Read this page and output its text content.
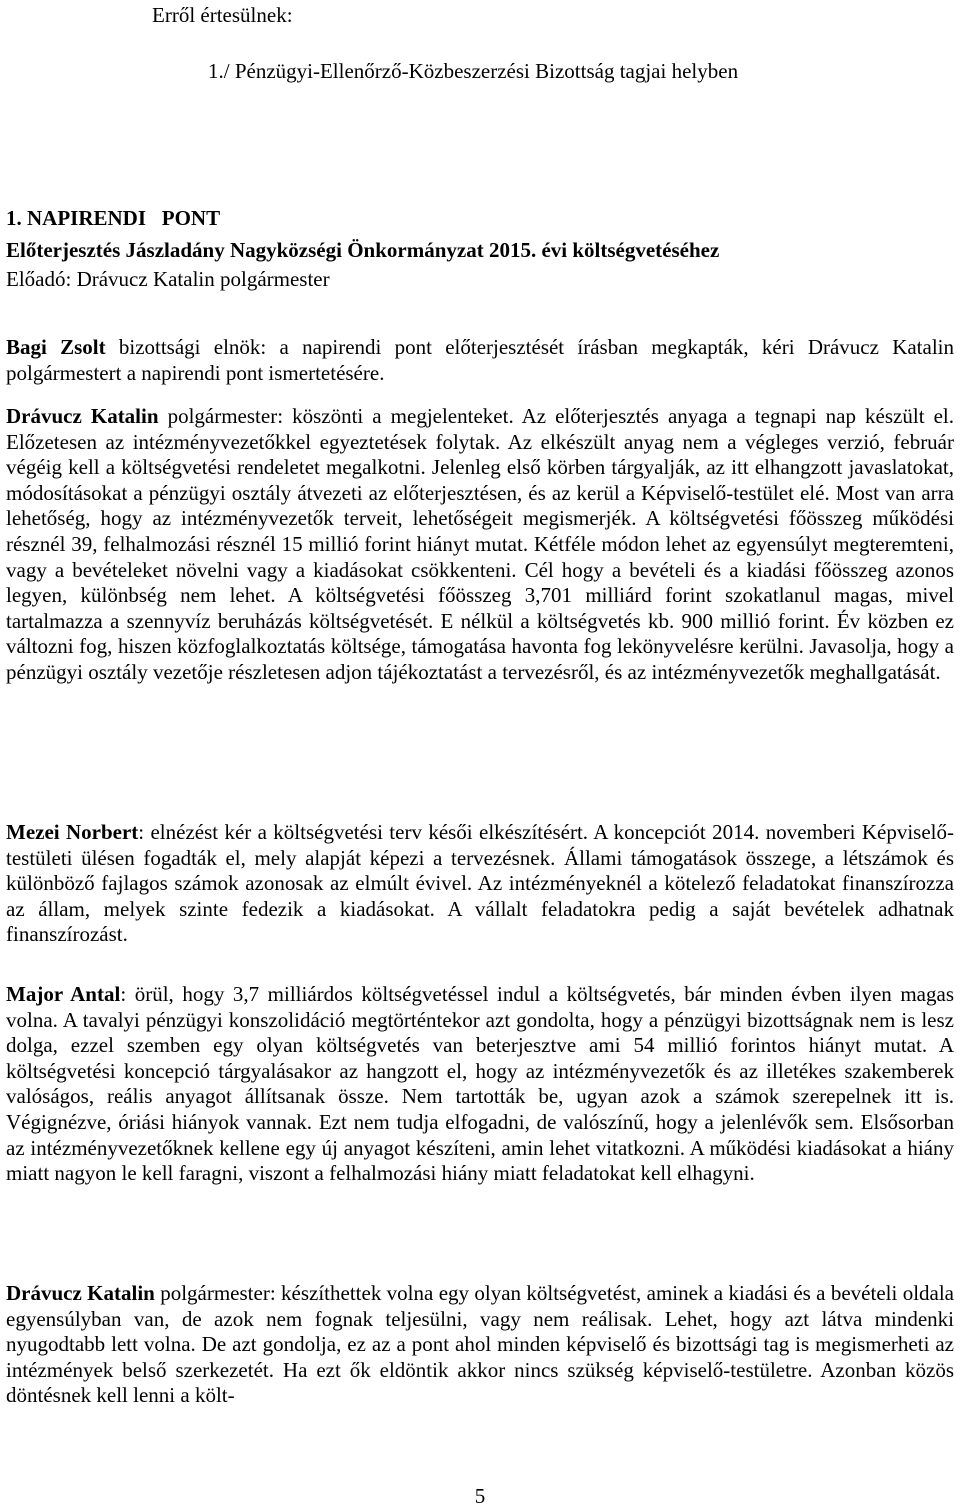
Erről értesülnek:
1./ Pénzügyi-Ellenőrző-Közbeszerzési Bizottság tagjai helyben
1. NAPIRENDI   PONT
Előterjesztés Jászladány Nagyközségi Önkormányzat 2015. évi költségvetéséhez
Előadó: Drávucz Katalin polgármester
Bagi Zsolt bizottsági elnök: a napirendi pont előterjesztését írásban megkapták, kéri Drávucz Katalin polgármestert a napirendi pont ismertetésére.
Drávucz Katalin polgármester: köszönti a megjelenteket. Az előterjesztés anyaga a tegnapi nap készült el. Előzetesen az intézményvezetőkkel egyeztetések folytak. Az elkészült anyag nem a végleges verzió, február végéig kell a költségvetési rendeletet megalkotni. Jelenleg első körben tárgyalják, az itt elhangzott javaslatokat, módosításokat a pénzügyi osztály átvezeti az előterjesztésen, és az kerül a Képviselő-testület elé. Most van arra lehetőség, hogy az intézményvezetők terveit, lehetőségeit megismerjék. A költségvetési főösszeg működési résznél 39, felhalmozási résznél 15 millió forint hiányt mutat. Kétféle módon lehet az egyensúlyt megteremteni, vagy a bevételeket növelni vagy a kiadásokat csökkenteni. Cél hogy a bevételi és a kiadási főösszeg azonos legyen, különbség nem lehet. A költségvetési főösszeg 3,701 milliárd forint szokatlanul magas, mivel tartalmazza a szennyvíz beruházás költségvetését. E nélkül a költségvetés kb. 900 millió forint. Év közben ez változni fog, hiszen közfoglalkoztatás költsége, támogatása havonta fog lekönyvelésre kerülni. Javasolja, hogy a pénzügyi osztály vezetője részletesen adjon tájékoztatást a tervezésről, és az intézményvezetők meghallgatását.
Mezei Norbert: elnézést kér a költségvetési terv késői elkészítésért. A koncepciót 2014. novemberi Képviselő-testületi ülésen fogadták el, mely alapját képezi a tervezésnek. Állami támogatások összege, a létszámok és különböző fajlagos számok azonosak az elmúlt évivel. Az intézményeknél a kötelező feladatokat finanszírozza az állam, melyek szinte fedezik a kiadásokat. A vállalt feladatokra pedig a saját bevételek adhatnak finanszírozást.
Major Antal: örül, hogy 3,7 milliárdos költségvetéssel indul a költségvetés, bár minden évben ilyen magas volna. A tavalyi pénzügyi konszolidáció megtörténtekor azt gondolta, hogy a pénzügyi bizottságnak nem is lesz dolga, ezzel szemben egy olyan költségvetés van beterjesztve ami 54 millió forintos hiányt mutat. A költségvetési koncepció tárgyalásakor az hangzott el, hogy az intézményvezetők és az illetékes szakemberek valóságos, reális anyagot állítsanak össze. Nem tartották be, ugyan azok a számok szerepelnek itt is. Végignézve, óriási hiányok vannak. Ezt nem tudja elfogadni, de valószínű, hogy a jelenlévők sem. Elsősorban az intézményvezetőknek kellene egy új anyagot készíteni, amin lehet vitatkozni. A működési kiadásokat a hiány miatt nagyon le kell faragni, viszont a felhalmozási hiány miatt feladatokat kell elhagyni.
Drávucz Katalin polgármester: készíthettek volna egy olyan költségvetést, aminek a kiadási és a bevételi oldala egyensúlyban van, de azok nem fognak teljesülni, vagy nem reálisak. Lehet, hogy azt látva mindenki nyugodtabb lett volna. De azt gondolja, ez az a pont ahol minden képviselő és bizottsági tag is megismerheti az intézmények belső szerkezetét. Ha ezt ők eldöntik akkor nincs szükség képviselő-testületre. Azonban közös döntésnek kell lenni a költ-
5
